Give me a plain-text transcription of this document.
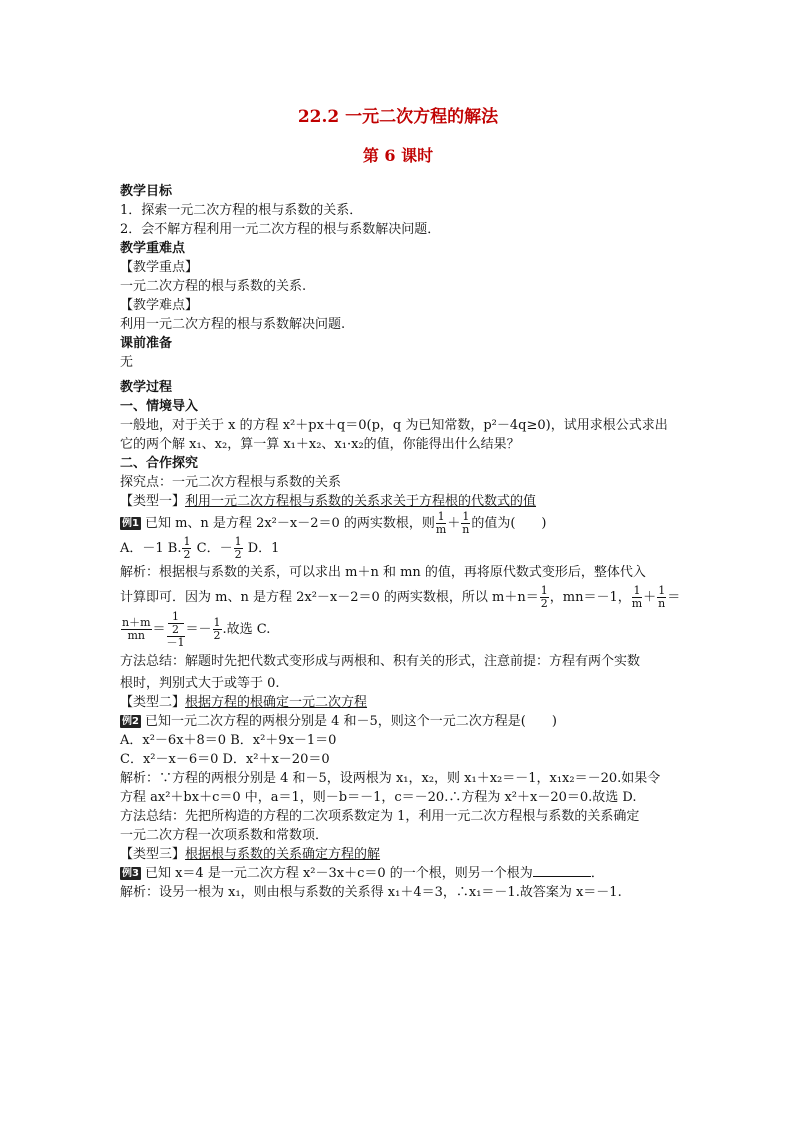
22.2 一元二次方程的解法

第 6 课时

教学目标

1．探索一元二次方程的根与系数的关系．

2．会不解方程利用一元二次方程的根与系数解决问题．

教学重难点

【教学重点】

一元二次方程的根与系数的关系.

【教学难点】

利用一元二次方程的根与系数解决问题.

课前准备

无

教学过程

一、情境导入

一般地，对于关于 x 的方程 x²＋px＋q＝0(p，q 为已知常数，p²－4q≥0)，试用求根公式求出

它的两个解 x₁、x₂，算一算 x₁＋x₂、x₁·x₂的值，你能得出什么结果？

二、合作探究

探究点：一元二次方程根与系数的关系

【类型一】利用一元二次方程根与系数的关系求关于方程根的代数式的值

例1 已知 m、n 是方程 2x²－x－2＝0 的两实数根，则 $\frac{1}{m} + \frac{1}{n}$ 的值为(　　)

A．－1 B. $\frac{1}{2}$ C．－ $\frac{1}{2}$ D．1

解析：根据根与系数的关系，可以求出 m＋n 和 mn 的值，再将原代数式变形后，整体代入

计算即可．因为 m、n 是方程 2x²－x－2＝0 的两实数根，所以 $m+n= \frac{1}{2}$ ，mn＝－1， $\frac{1}{m} + \frac{1}{n}$ ＝

$\frac{n+m}{mn} = 1$
2
$-1 =- \frac{1}{2}$ .故选 C.

方法总结：解题时先把代数式变形成与两根和、积有关的形式，注意前提：方程有两个实数

根时，判别式大于或等于 0.

【类型二】根据方程的根确定一元二次方程

例2 已知一元二次方程的两根分别是 4 和－5，则这个一元二次方程是(　　)

A．x²－6x＋8＝0 B．x²＋9x－1＝0

C．x²－x－6＝0 D．x²＋x－20＝0

解析：∵方程的两根分别是 4 和－5，设两根为 x₁，x₂，则 x₁＋x₂＝－1，x₁x₂＝－20.如果令

方程 ax²＋bx＋c＝0 中，a＝1，则－b＝－1，c＝－20.∴方程为 x²＋x－20＝0.故选 D.

方法总结：先把所构造的方程的二次项系数定为 1，利用一元二次方程根与系数的关系确定

一元二次方程一次项系数和常数项．

【类型三】根据根与系数的关系确定方程的解

例3 已知 x＝4 是一元二次方程 x²－3x＋c＝0 的一个根，则另一个根为	．

解析：设另一根为 x₁，则由根与系数的关系得 x₁＋4＝3，∴x₁＝－1.故答案为 x＝－1.
